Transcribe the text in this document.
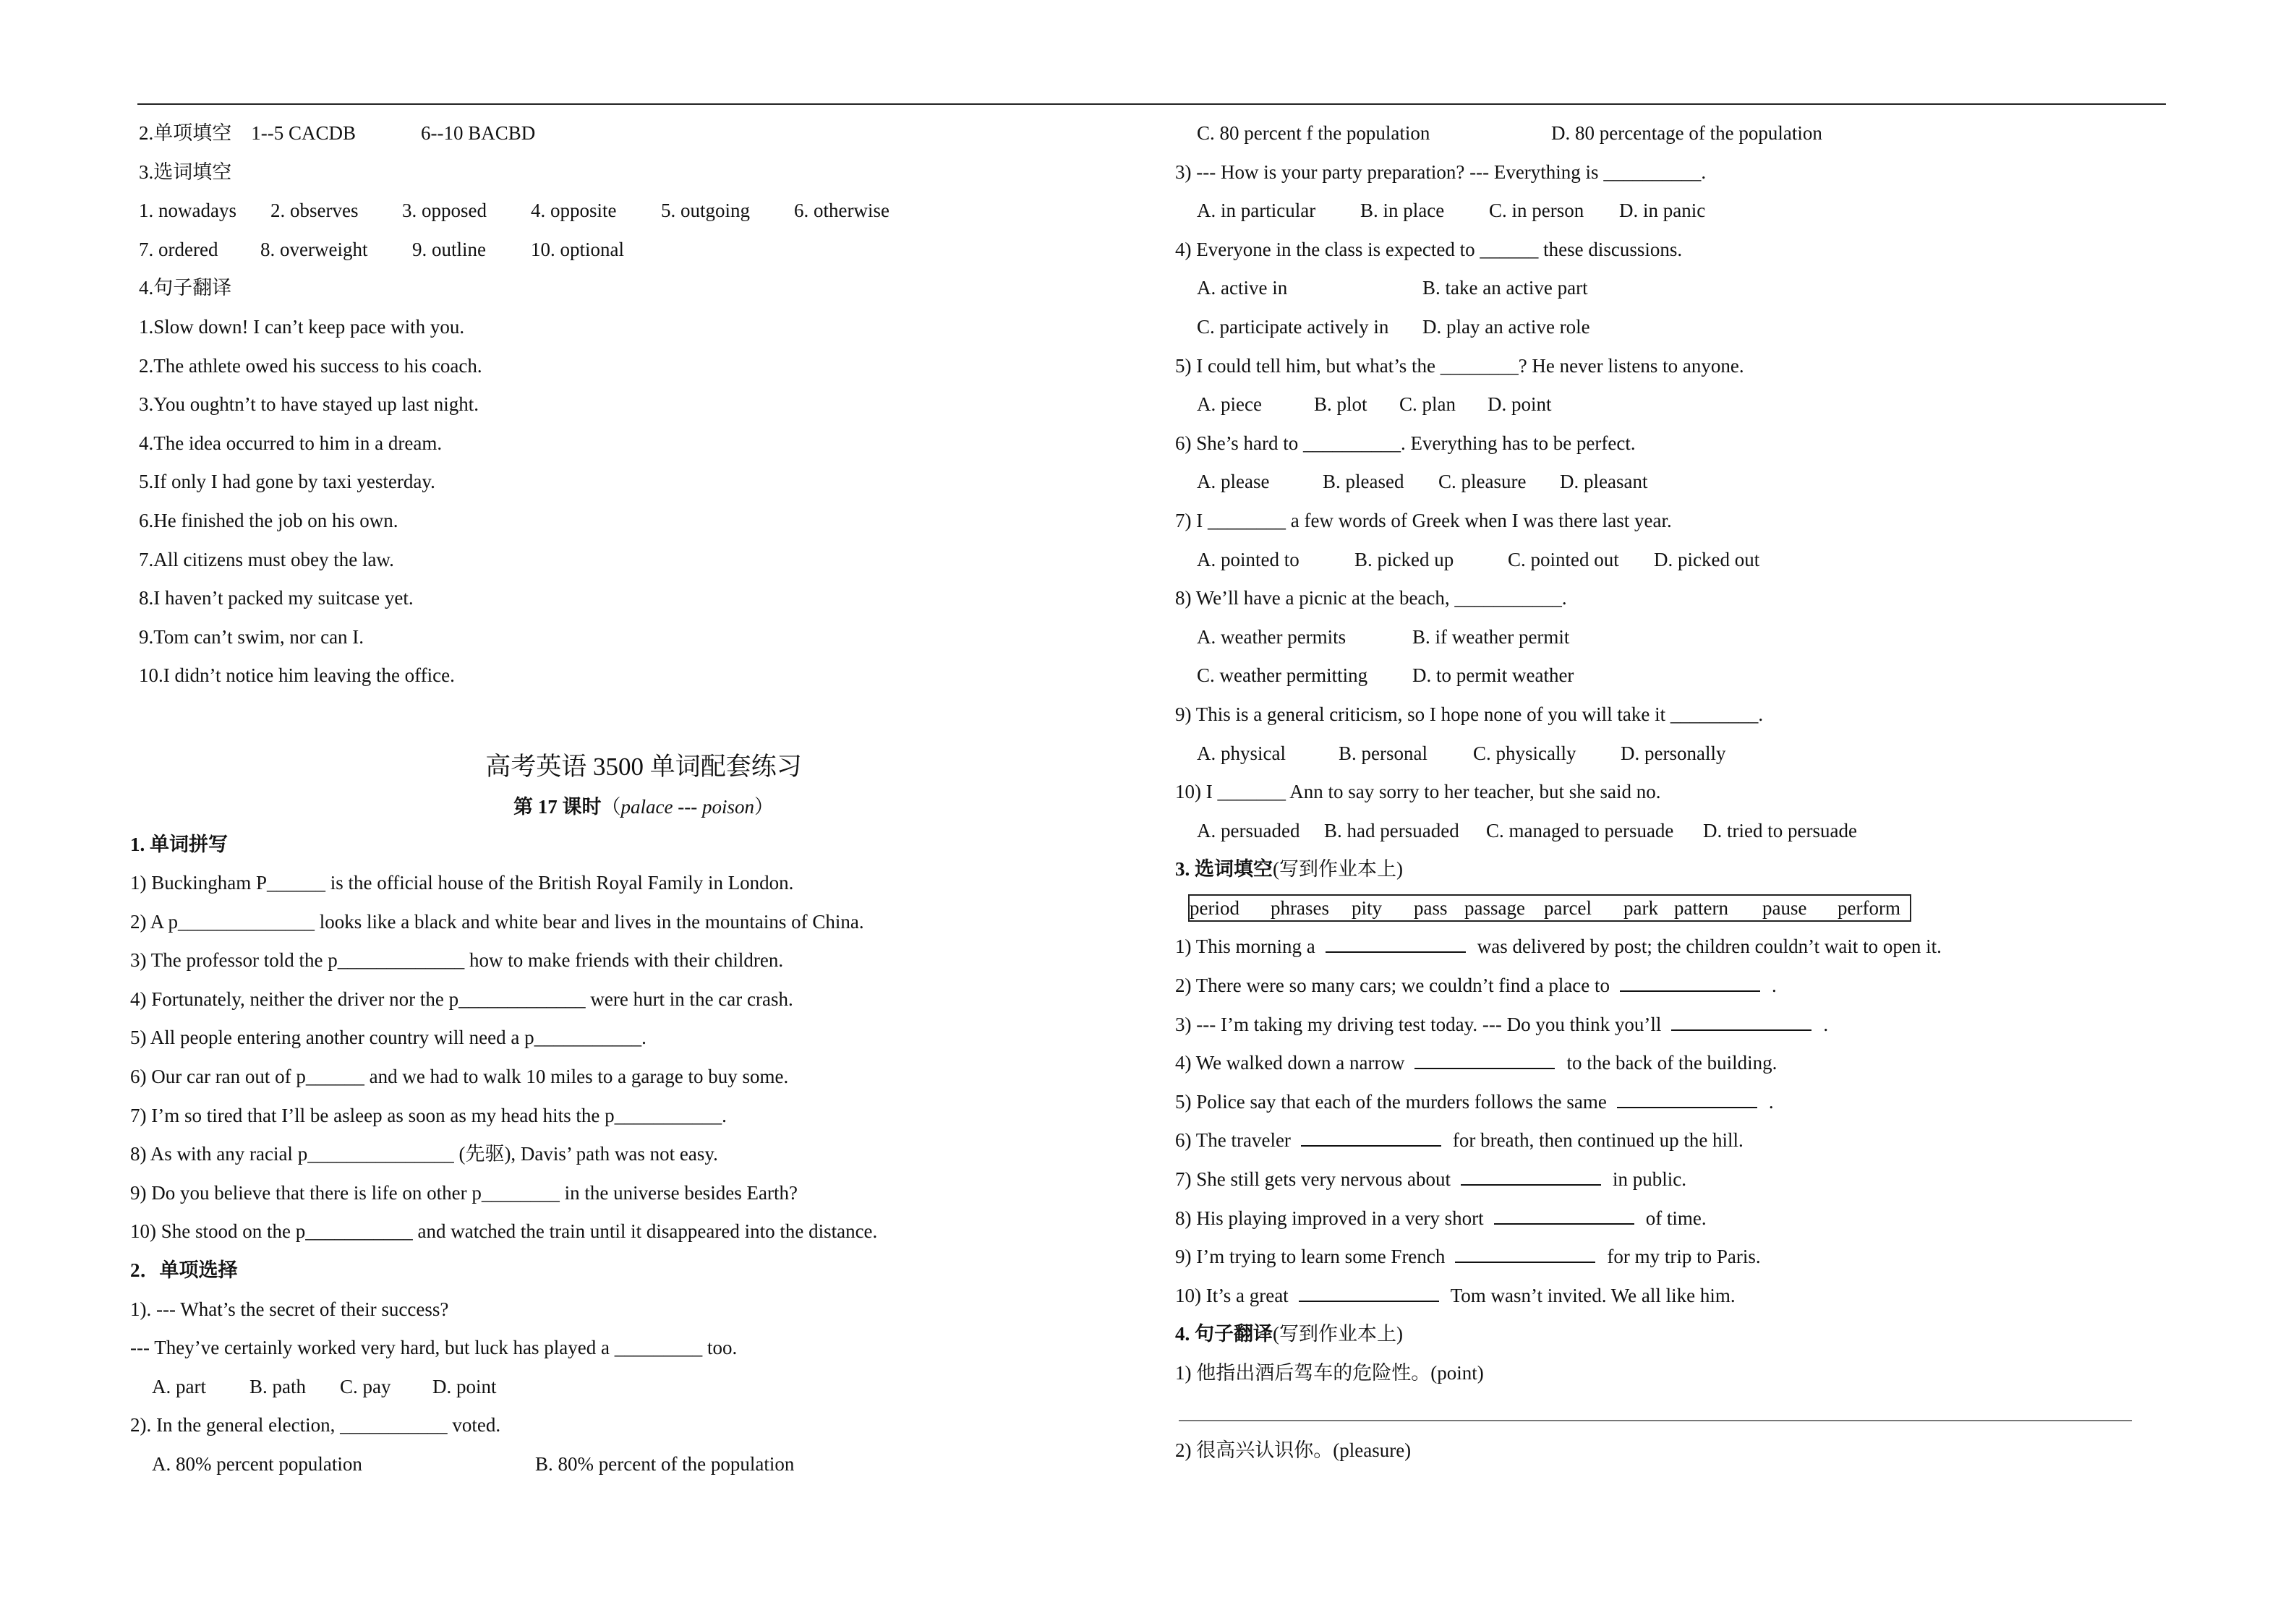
2.单项填空 1--5 CACDB	6--10 BACBD
3.选词填空
1. nowadays 2. observes 3. opposed 4. opposite 5. outgoing 6. otherwise
7. ordered 8. overweight 9. outline 10. optional
4.句子翻译
1.Slow down! I can’t keep pace with you.
2.The athlete owed his success to his coach.
3.You oughtn’t to have stayed up last night.
4.The idea occurred to him in a dream.
5.If only I had gone by taxi yesterday.
6.He finished the job on his own.
7.All citizens must obey the law.
8.I haven’t packed my suitcase yet.
9.Tom can’t swim, nor can I.
10.I didn’t notice him leaving the office.
高考英语 3500 单词配套练习
第 17 课时（palace --- poison）
1. 单词拼写
1) Buckingham P______ is the official house of the British Royal Family in London.
2) A p______________ looks like a black and white bear and lives in the mountains of China.
3) The professor told the p_____________ how to make friends with their children.
4) Fortunately, neither the driver nor the p_____________ were hurt in the car crash.
5) All people entering another country will need a p___________.
6) Our car ran out of p______ and we had to walk 10 miles to a garage to buy some.
7) I’m so tired that I’ll be asleep as soon as my head hits the p___________.
8) As with any racial p_______________ (先驱), Davis’ path was not easy.
9) Do you believe that there is life on other p________ in the universe besides Earth?
10) She stood on the p___________ and watched the train until it disappeared into the distance.
2．单项选择
1). --- What’s the secret of their success?
--- They’ve certainly worked very hard, but luck has played a _________ too.
A. part B. path C. pay D. point
2). In the general election, ___________ voted.
A. 80% percent population	B. 80% percent of the population
C. 80 percent f the population	D. 80 percentage of the population
3) --- How is your party preparation? --- Everything is __________.
A. in particular B. in place C. in person D. in panic
4) Everyone in the class is expected to ______ these discussions.
A. active in	B. take an active part
C. participate actively in D. play an active role
5) I could tell him, but what’s the ________? He never listens to anyone.
A. piece	B. plot C. plan D. point
6) She’s hard to __________. Everything has to be perfect.
A. please	B. pleased C. pleasure D. pleasant
7) I ________ a few words of Greek when I was there last year.
A. pointed to	B. picked up	C. pointed out D. picked out
8) We’ll have a picnic at the beach, ___________.
A. weather permits	B. if weather permit
C. weather permitting D. to permit weather
9) This is a general criticism, so I hope none of you will take it _________.
A. physical	B. personal C. physically D. personally
10) I _______ Ann to say sorry to her teacher, but she said no.
A. persuaded B. had persuaded C. managed to persuade D. tried to persuade
3. 选词填空(写到作业本上)
period phrases pity pass passage parcel park pattern pause perform
1) This morning a	was delivered by post; the children couldn’t wait to open it.
2) There were so many cars; we couldn’t find a place to	.
3) --- I’m taking my driving test today. --- Do you think you’ll	.
4) We walked down a narrow	to the back of the building.
5) Police say that each of the murders follows the same	.
6) The traveler	for breath, then continued up the hill.
7) She still gets very nervous about	in public.
8) His playing improved in a very short	of time.
9) I’m trying to learn some French	for my trip to Paris.
10) It’s a great	Tom wasn’t invited. We all like him.
4. 句子翻译(写到作业本上)
1) 他指出酒后驾车的危险性。(point)
2) 很高兴认识你。(pleasure)
